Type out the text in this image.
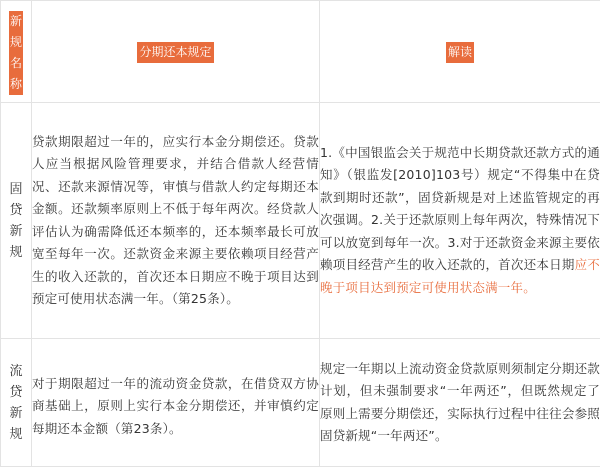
新
规
名
称	分期还本规定	解读
固
贷
新
规	贷款期限超过一年的，应实行本金分期偿还。贷款人应当根据风险管理要求，并结合借款人经营情况、还款来源情况等，审慎与借款人约定每期还本金额。还款频率原则上不低于每年两次。经贷款人评估认为确需降低还本频率的，还本频率最长可放宽至每年一次。还款资金来源主要依赖项目经营产生的收入还款的，首次还本日期应不晚于项目达到预定可使用状态满一年。（第25条）。	1.《中国银监会关于规范中长期贷款还款方式的通知》（银监发[2010]103号）规定“不得集中在贷款到期时还款”，固贷新规是对上述监管规定的再次强调。2.关于还款原则上每年两次，特殊情况下可以放宽到每年一次。3.对于还款资金来源主要依赖项目经营产生的收入还款的，首次还本日期应不晚于项目达到预定可使用状态满一年。
流
贷
新
规	对于期限超过一年的流动资金贷款，在借贷双方协商基础上，原则上实行本金分期偿还，并审慎约定每期还本金额（第23条）。	规定一年期以上流动资金贷款原则须制定分期还款计划，但未强制要求“一年两还”，但既然规定了原则上需要分期偿还，实际执行过程中往往会参照固贷新规“一年两还”。
